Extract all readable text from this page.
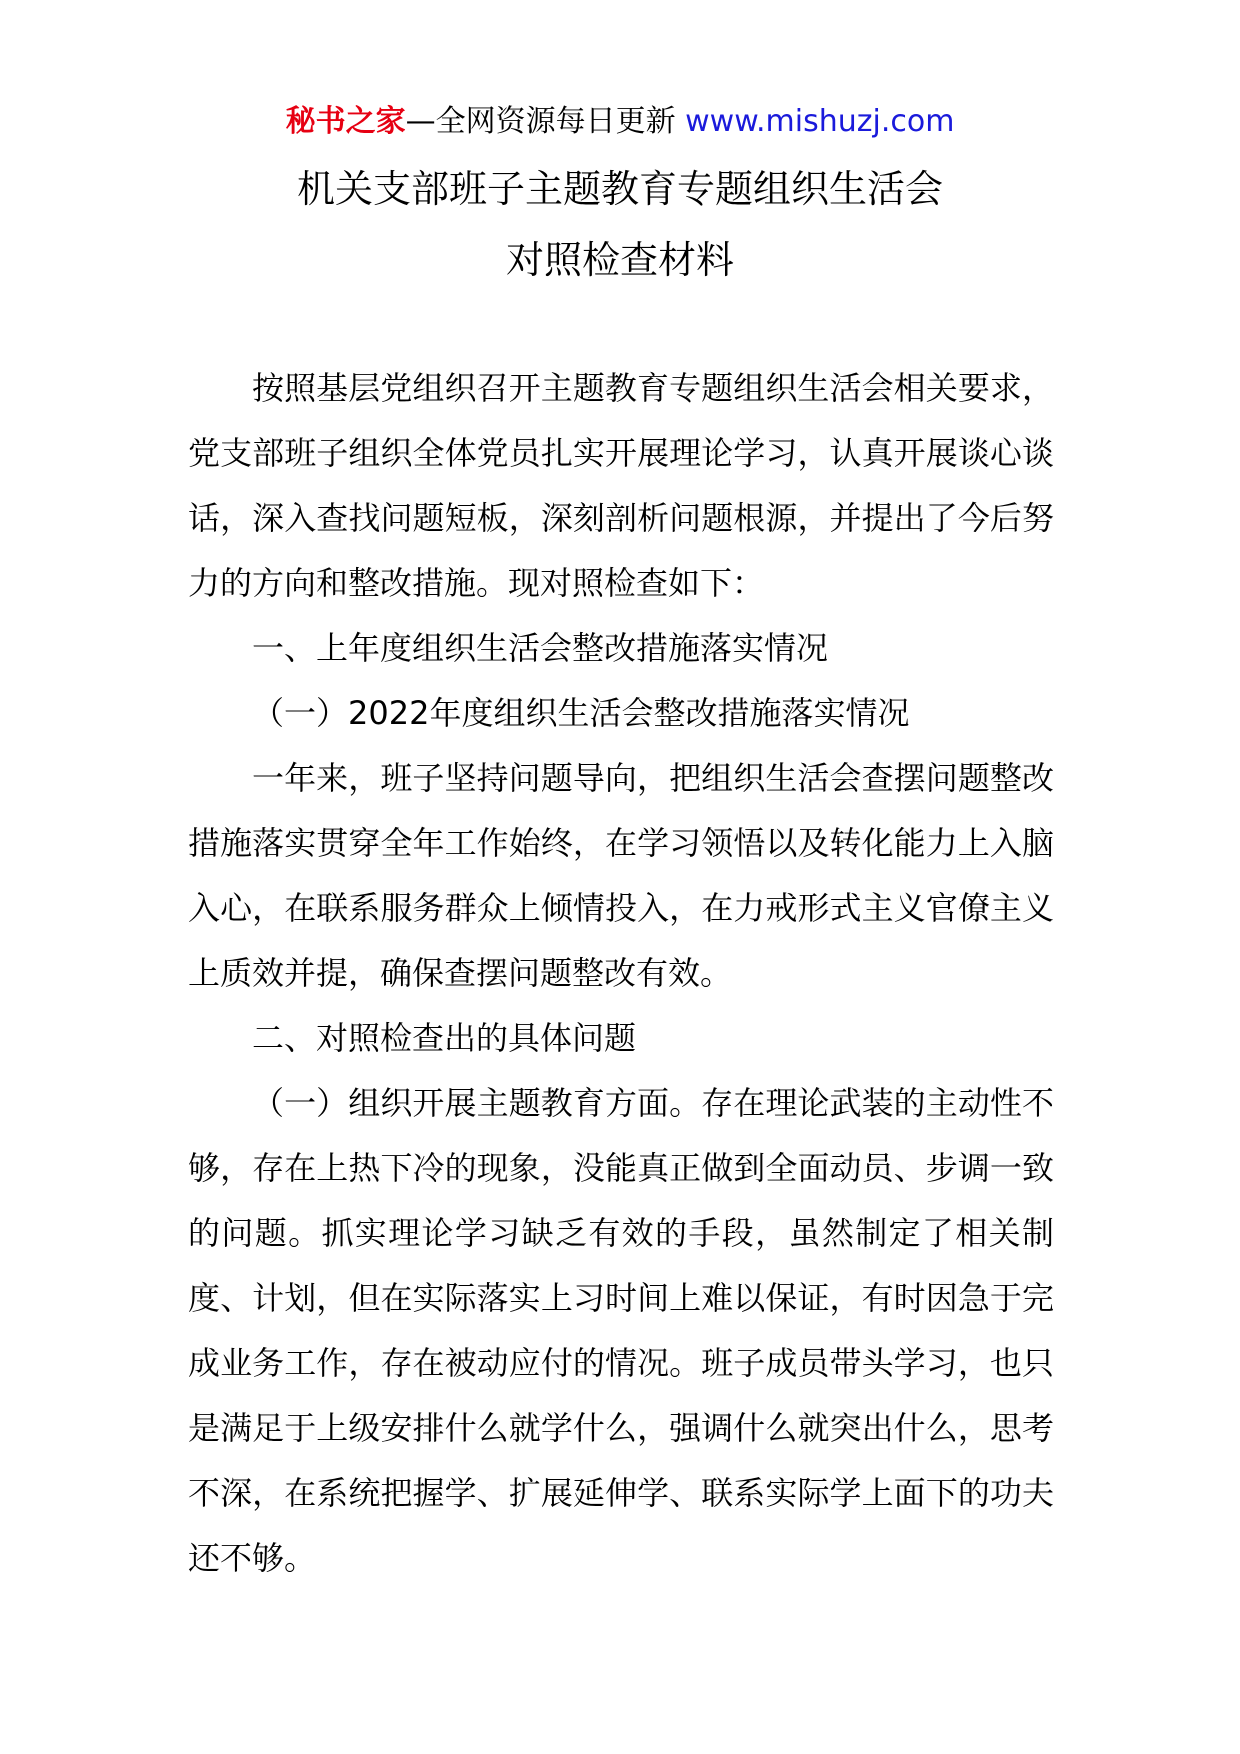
秘书之家—全网资源每日更新 www.mishuzj.com
机关支部班子主题教育专题组织生活会
对照检查材料

按照基层党组织召开主题教育专题组织生活会相关要求，党支部班子组织全体党员扎实开展理论学习，认真开展谈心谈话，深入查找问题短板，深刻剖析问题根源，并提出了今后努力的方向和整改措施。现对照检查如下：

一、上年度组织生活会整改措施落实情况

（一）2022年度组织生活会整改措施落实情况

一年来，班子坚持问题导向，把组织生活会查摆问题整改措施落实贯穿全年工作始终，在学习领悟以及转化能力上入脑入心，在联系服务群众上倾情投入，在力戒形式主义官僚主义上质效并提，确保查摆问题整改有效。

二、对照检查出的具体问题

（一）组织开展主题教育方面。存在理论武装的主动性不够，存在上热下冷的现象，没能真正做到全面动员、步调一致的问题。抓实理论学习缺乏有效的手段，虽然制定了相关制度、计划，但在实际落实上习时间上难以保证，有时因急于完成业务工作，存在被动应付的情况。班子成员带头学习，也只是满足于上级安排什么就学什么，强调什么就突出什么，思考不深，在系统把握学、扩展延伸学、联系实际学上面下的功夫还不够。
